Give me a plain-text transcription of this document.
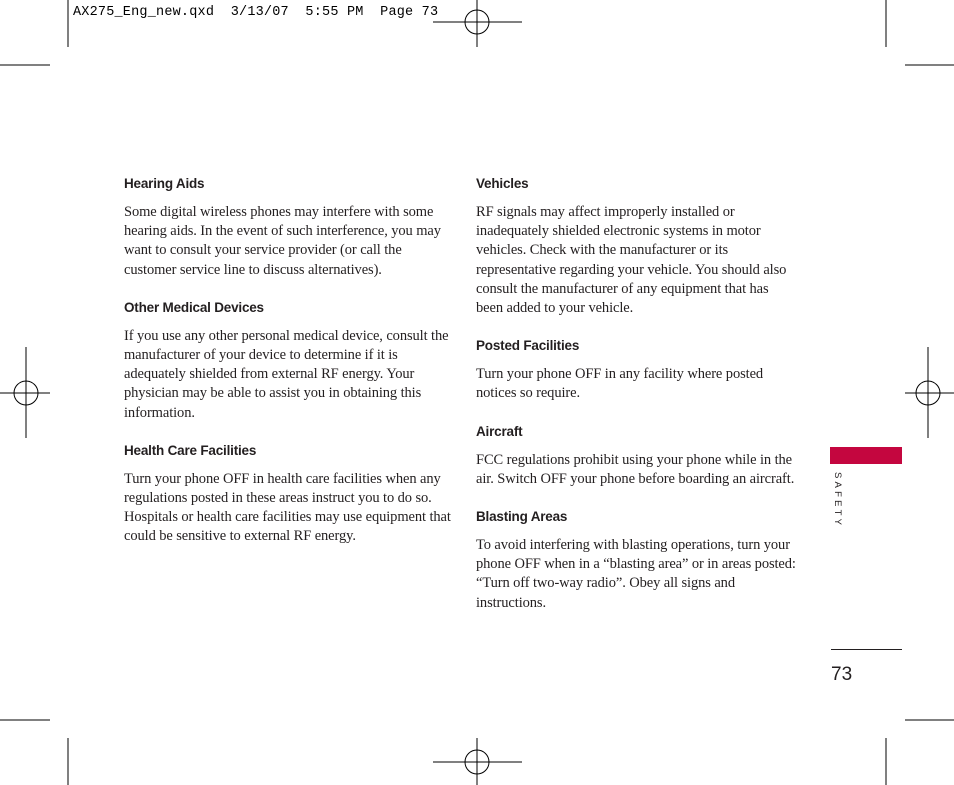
AX275_Eng_new.qxd  3/13/07  5:55 PM  Page 73

Hearing Aids

Some digital wireless phones may interfere with some hearing aids. In the event of such interference, you may want to consult your service provider (or call the customer service line to discuss alternatives).

Other Medical Devices

If you use any other personal medical device, consult the manufacturer of your device to determine if it is adequately shielded from external RF energy. Your physician may be able to assist you in obtaining this information.

Health Care Facilities

Turn your phone OFF in health care facilities when any regulations posted in these areas instruct you to do so. Hospitals or health care facilities may use equipment that could be sensitive to external RF energy.

Vehicles

RF signals may affect improperly installed or inadequately shielded electronic systems in motor vehicles. Check with the manufacturer or its representative regarding your vehicle. You should also consult the manufacturer of any equipment that has been added to your vehicle.

Posted Facilities

Turn your phone OFF in any facility where posted notices so require.

Aircraft

FCC regulations prohibit using your phone while in the air. Switch OFF your phone before boarding an aircraft.

Blasting Areas

To avoid interfering with blasting operations, turn your phone OFF when in a “blasting area” or in areas posted: “Turn off two-way radio”. Obey all signs and instructions.

SAFETY
73
